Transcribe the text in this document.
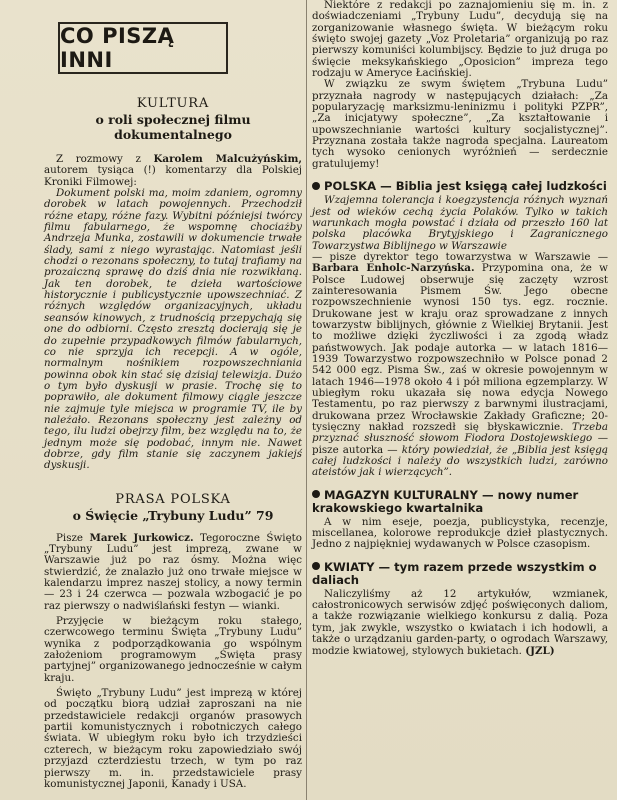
CO PISZĄ INNI

KULTURA

o roli społecznej filmu dokumentalnego

Z rozmowy z Karolem Malcużyńskim, autorem tysiąca (!) komentarzy dla Polskiej Kroniki Filmowej:

Dokument polski ma, moim zdaniem, ogromny dorobek w latach powojennych. Przechodził różne etapy, różne fazy. Wybitni późniejsi twórcy filmu fabularnego, że wspomnę chociażby Andrzeja Munka, zostawili w dokumencie trwałe ślady, sami z niego wyrastając. Natomiast jeśli chodzi o rezonans społeczny, to tutaj trafiamy na prozaiczną sprawę do dziś dnia nie rozwikłaną. Jak ten dorobek, te dzieła wartościowe historycznie i publicystycznie upowszechniać. Z różnych względów organizacyjnych, układu seansów kinowych, z trudnością przepychają się one do odbiorni. Często zresztą docierają się je do zupełnie przypadkowych filmów fabularnych, co nie sprzyja ich recepcji. A w ogóle, normalnym nośnikiem rozpowszechniania powinna obok kin stać się dzisiaj telewizja. Dużo o tym było dyskusji w prasie. Trochę się to poprawiło, ale dokument filmowy ciągle jeszcze nie zajmuje tyle miejsca w programie TV, ile by należało. Rezonans społeczny jest zależny od tego, ilu ludzi obejrzy film, bez względu na to, że jednym może się podobać, innym nie. Nawet dobrze, gdy film stanie się zaczynem jakiejś dyskusji.

PRASA POLSKA

o Święcie „Trybuny Ludu” 79

Pisze Marek Jurkowicz. Tegoroczne Święto „Trybuny Ludu” jest imprezą, zwane w Warszawie już po raz ósmy. Można więc stwierdzić, że znalazło już ono trwałe miejsce w kalendarzu imprez naszej stolicy, a nowy termin — 23 i 24 czerwca — pozwala wzbogacić je po raz pierwszy o nadwiślański festyn — wianki.

Przyjęcie w bieżącym roku stałego, czerwcowego terminu Święta „Trybuny Ludu” wynika z podporządkowania go wspólnym założeniom programowym „Święta prasy partyjnej” organizowanego jednocześnie w całym kraju.

Święto „Trybuny Ludu” jest imprezą w której od początku biorą udział zaproszani na nie przedstawiciele redakcji organów prasowych partii komunistycznych i robotniczych całego świata. W ubiegłym roku było ich trzydzieści czterech, w bieżącym roku zapowiedziało swój przyjazd czterdziestu trzech, w tym po raz pierwszy m. in. przedstawiciele prasy komunistycznej Japonii, Kanady i USA.

Niektóre z redakcji po zaznajomieniu się m. in. z doświadczeniami „Trybuny Ludu”, decydują się na zorganizowanie własnego święta. W bieżącym roku święto swojej gazety „Voz Proletaria” organizują po raz pierwszy komuniści kolumbijscy. Będzie to już druga po święcie meksykańskiego „Oposicion” impreza tego rodzaju w Ameryce Łacińskiej.

W związku ze swym świętem „Trybuna Ludu” przyznała nagrody w następujących działach: „Za popularyzację marksizmu-leninizmu i polityki PZPR”, „Za inicjatywy społeczne”, „Za kształtowanie i upowszechnianie wartości kultury socjalistycznej”. Przyznana została także nagroda specjalna. Laureatom tych wysoko cenionych wyróżnień — serdecznie gratulujemy!

POLSKA — Biblia jest księgą całej ludzkości

Wzajemna tolerancja i koegzystencja różnych wyznań jest od wieków cechą życia Polaków. Tylko w takich warunkach mogła powstać i działa od przeszło 160 lat polska placówka Brytyjskiego i Zagranicznego Towarzystwa Biblijnego w Warszawie

— pisze dyrektor tego towarzystwa w Warszawie — Barbara Enholc-Narzyńska. Przypomina ona, że w Polsce Ludowej obserwuje się zaczęty wzrost zainteresowania Pismem Św. Jego obecne rozpowszechnienie wynosi 150 tys. egz. rocznie. Drukowane jest w kraju oraz sprowadzane z innych towarzystw biblijnych, głównie z Wielkiej Brytanii. Jest to możliwe dzięki życzliwości i za zgodą władz państwowych. Jak podaje autorka — w latach 1816—1939 Towarzystwo rozpowszechniło w Polsce ponad 2 542 000 egz. Pisma Św., zaś w okresie powojennym w latach 1946—1978 około 4 i pół miliona egzemplarzy. W ubiegłym roku ukazała się nowa edycja Nowego Testamentu, po raz pierwszy z barwnymi ilustracjami, drukowana przez Wrocławskie Zakłady Graficzne; 20-tysięczny nakład rozszedł się błyskawicznie. Trzeba przyznać słuszność słowom Fiodora Dostojewskiego — pisze autorka — który powiedział, że „Biblia jest księgą całej ludzkości i należy do wszystkich ludzi, zarówno ateistów jak i wierzących”.

MAGAZYN KULTURALNY — nowy numer krakowskiego kwartalnika

A w nim eseje, poezja, publicystyka, recenzje, miscellanea, kolorowe reprodukcje dzieł plastycznych. Jedno z najpiękniej wydawanych w Polsce czasopism.

KWIATY — tym razem przede wszystkim o daliach

Naliczyliśmy aż 12 artykułów, wzmianek, całostronicowych serwisów zdjęć poświęconych daliom, a także rozwiązanie wielkiego konkursu z dalią. Poza tym, jak zwykle, wszystko o kwiatach i ich hodowli, a także o urządzaniu garden-party, o ogrodach Warszawy, modzie kwiatowej, stylowych bukietach. (JZL)
